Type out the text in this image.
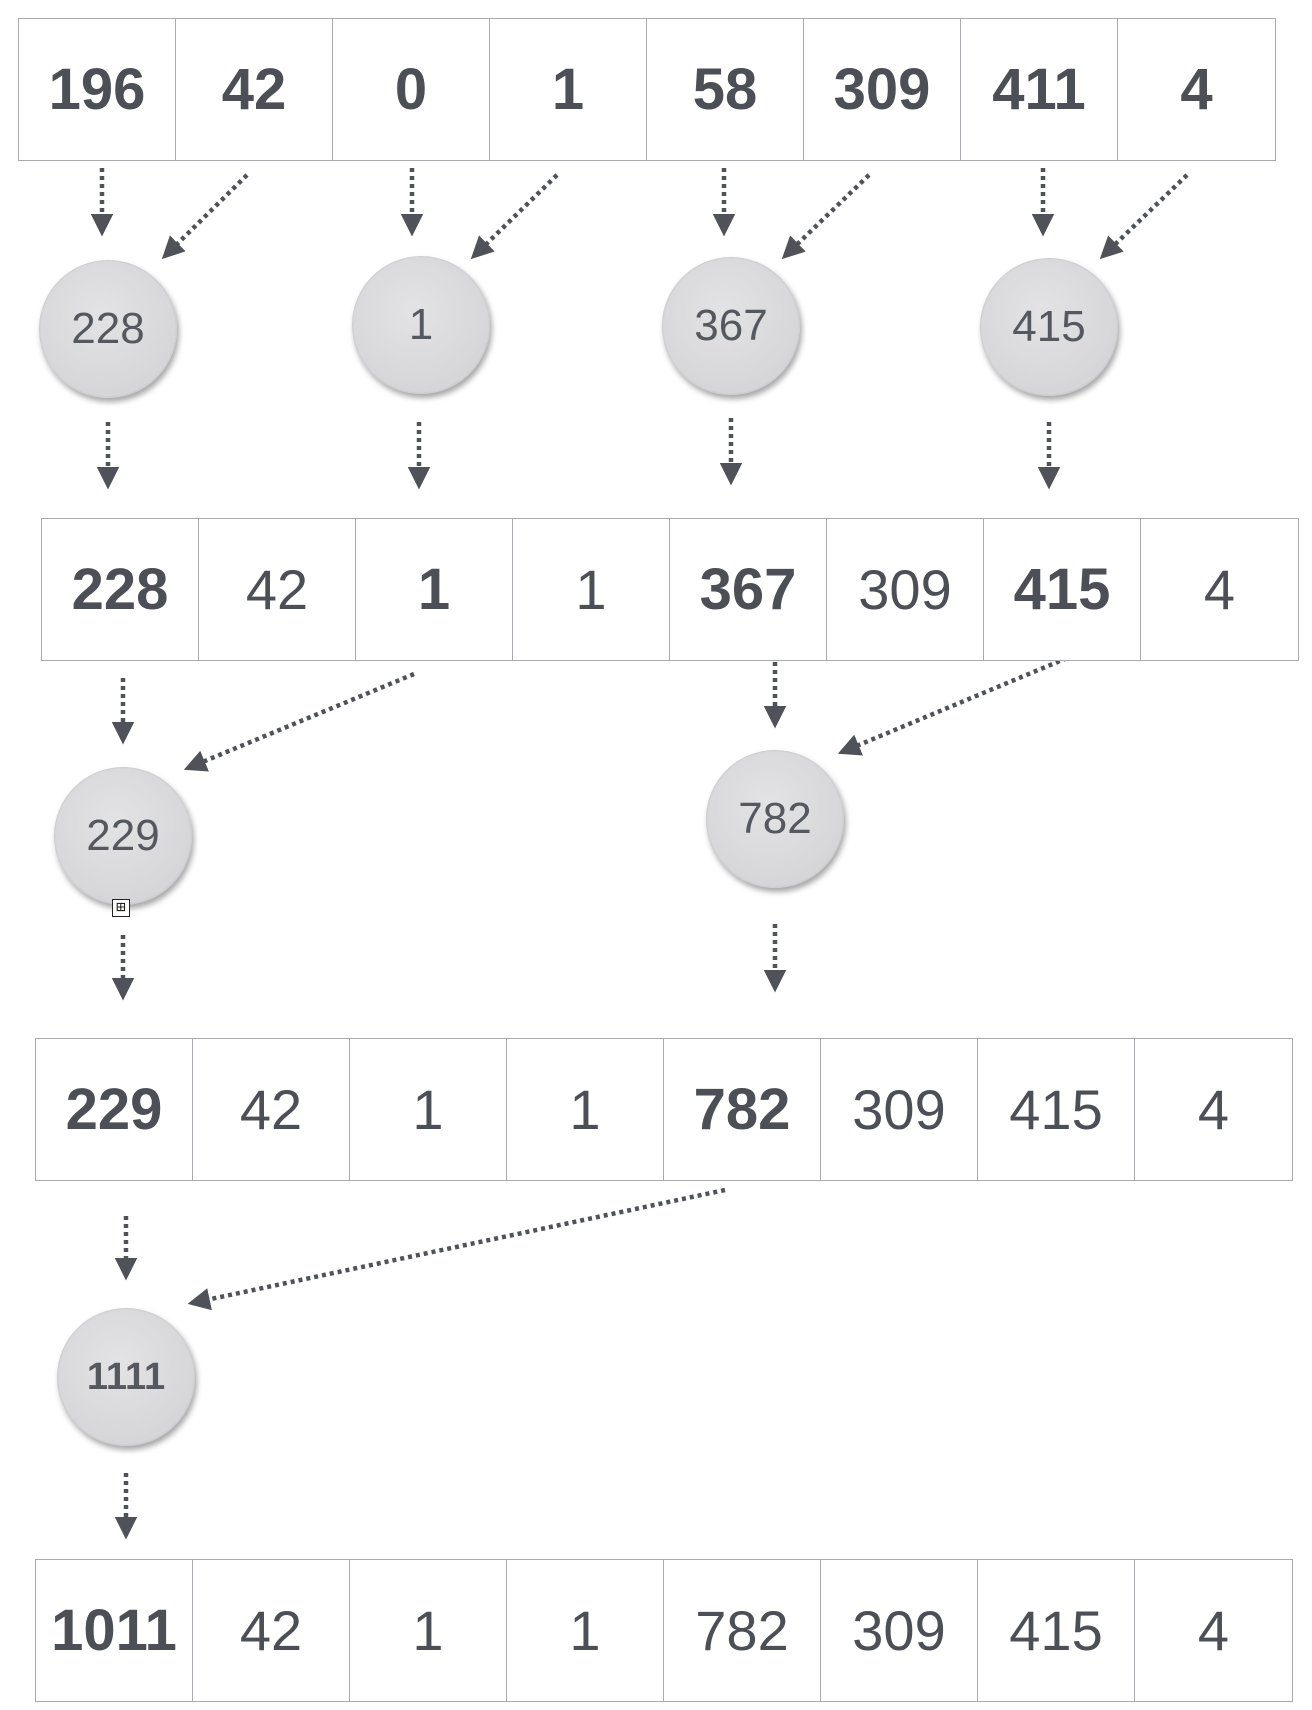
196	42	0	1	58	309	411	4
228	42	1	1	367	309	415	4
229	42	1	1	782	309	415	4
1011	42	1	1	782	309	415	4
228	1	367	415
229	782
1111
⊞
